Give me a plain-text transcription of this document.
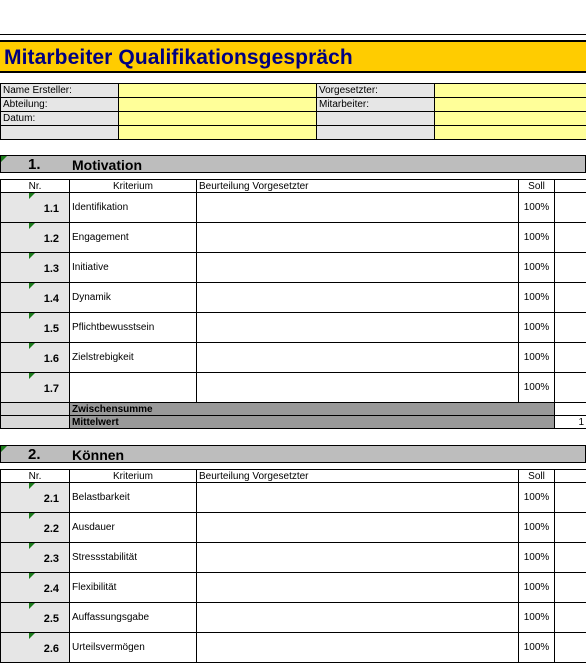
Mitarbeiter Qualifikationsgespräch
Name Ersteller:		Vorgesetzter:	
Abteilung:		Mitarbeiter:	
Datum:			

1. Motivation
Nr.	Kriterium	Beurteilung Vorgesetzter	Soll	

1.1	Identifikation		100%	

1.2	Engagement		100%	

1.3	Initiative		100%	

1.4	Dynamik		100%	

1.5	Pflichtbewusstsein		100%	

1.6	Zielstrebigkeit		100%	

1.7			100%	
	Zwischensumme			
	Mittelwert			1
2. Können
Nr.	Kriterium	Beurteilung Vorgesetzter	Soll	

2.1	Belastbarkeit		100%	

2.2	Ausdauer		100%	

2.3	Stressstabilität		100%	

2.4	Flexibilität		100%	

2.5	Auffassungsgabe		100%	

2.6	Urteilsvermögen		100%	
